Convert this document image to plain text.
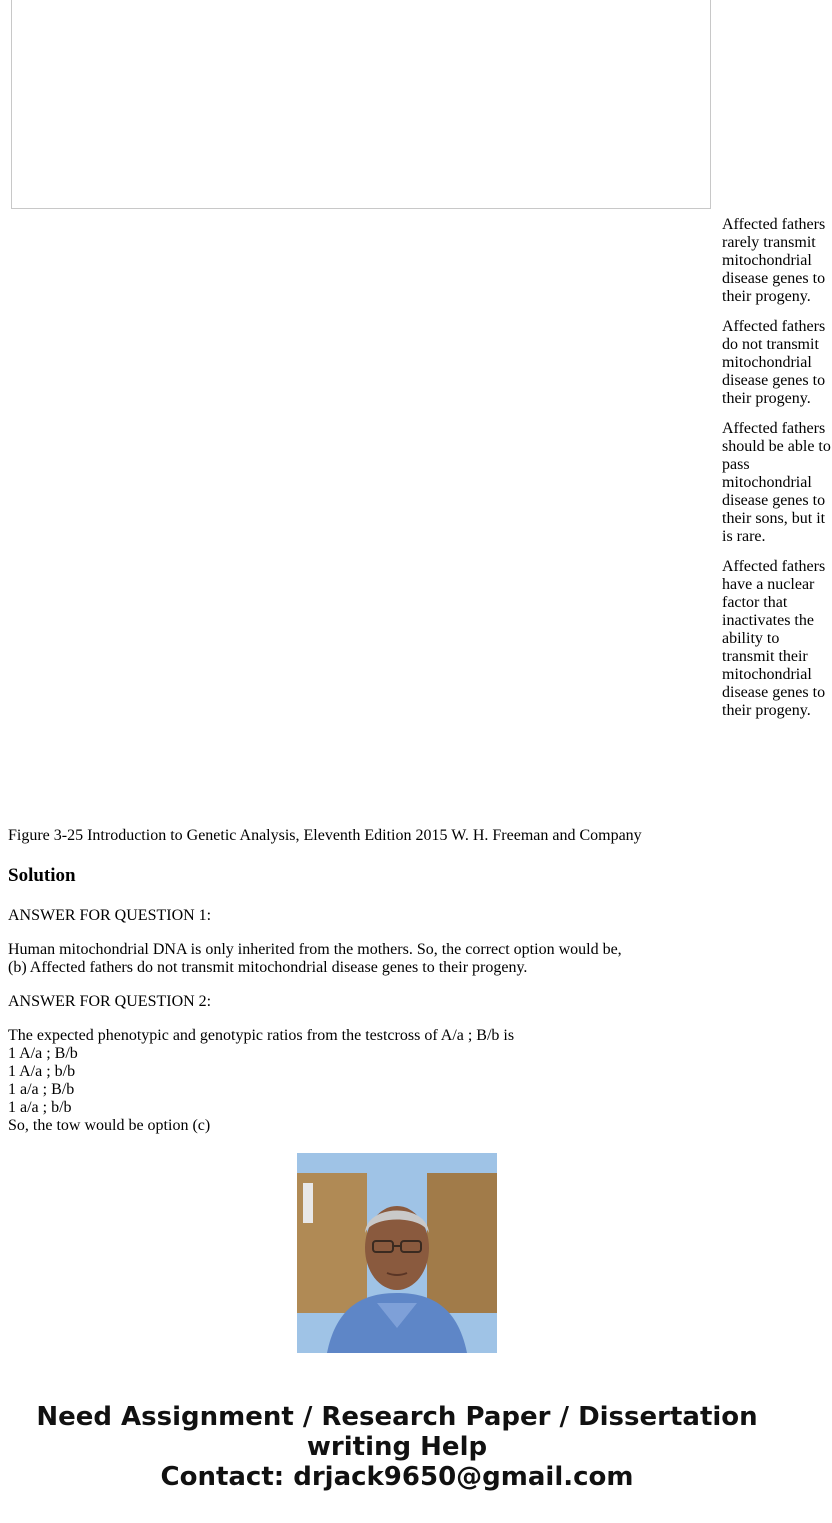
Affected fathers rarely transmit mitochondrial disease genes to their progeny.
Affected fathers do not transmit mitochondrial disease genes to their progeny.
Affected fathers should be able to pass mitochondrial disease genes to their sons, but it is rare.
Affected fathers have a nuclear factor that inactivates the ability to transmit their mitochondrial disease genes to their progeny.
Figure 3-25 Introduction to Genetic Analysis, Eleventh Edition 2015 W. H. Freeman and Company
Solution
ANSWER FOR QUESTION 1:
Human mitochondrial DNA is only inherited from the mothers. So, the correct option would be,
(b) Affected fathers do not transmit mitochondrial disease genes to their progeny.
ANSWER FOR QUESTION 2:
The expected phenotypic and genotypic ratios from the testcross of A/a ; B/b is
1 A/a ; B/b
1 A/a ; b/b
1 a/a ; B/b
1 a/a ; b/b
So, the tow would be option (c)
Need Assignment / Research Paper / Dissertation
writing Help
Contact: drjack9650@gmail.com
